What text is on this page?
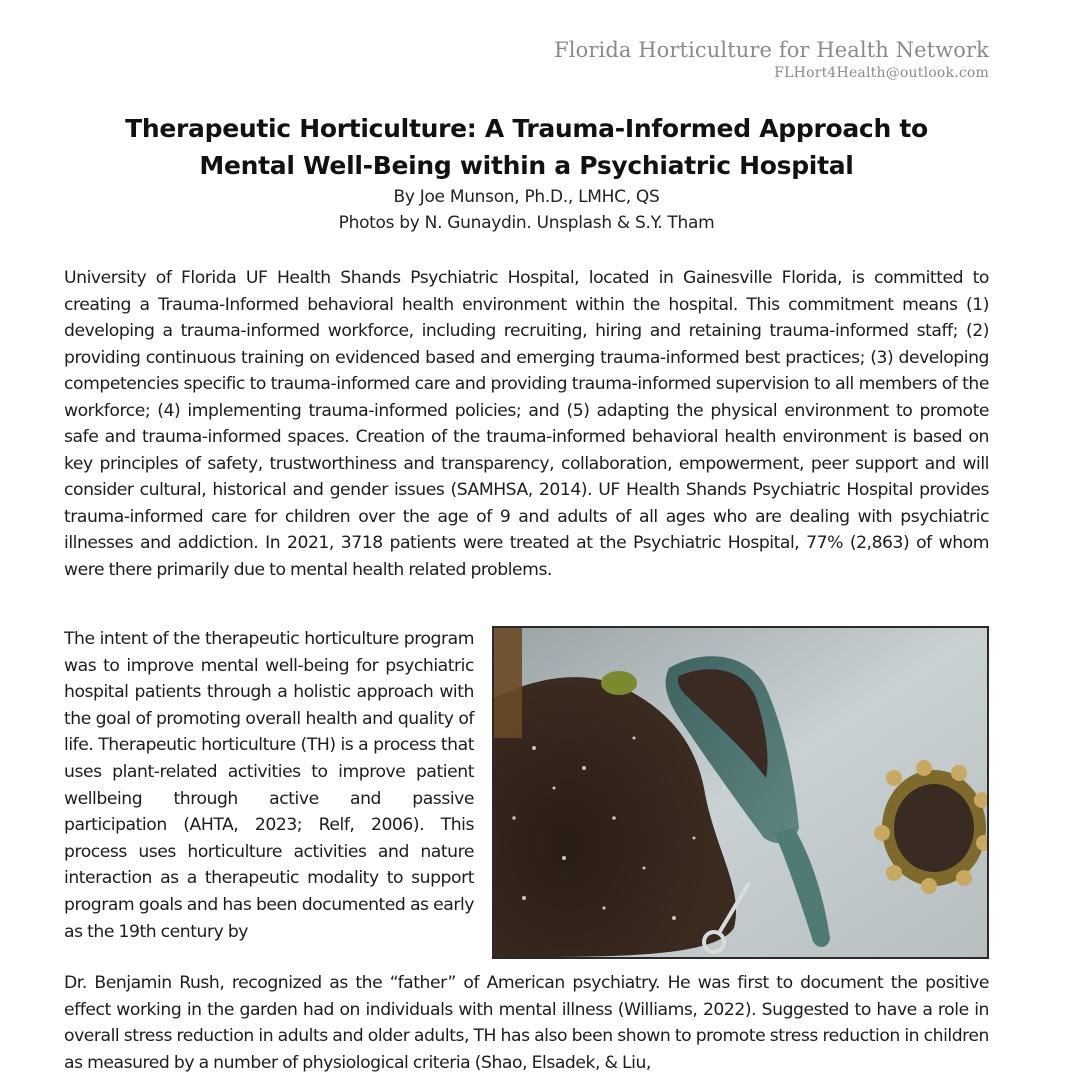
Florida Horticulture for Health Network
FLHort4Health@outlook.com
Therapeutic Horticulture: A Trauma-Informed Approach to
Mental Well-Being within a Psychiatric Hospital
By Joe Munson, Ph.D., LMHC, QS
Photos by N. Gunaydin. Unsplash & S.Y. Tham

University of Florida UF Health Shands Psychiatric Hospital, located in Gainesville Florida, is committed to creating a Trauma-Informed behavioral health environment within the hospital. This commitment means (1) developing a trauma-informed workforce, including recruiting, hiring and retaining trauma-informed staff; (2) providing continuous training on evidenced based and emerging trauma-informed best practices; (3) developing competencies specific to trauma-informed care and providing trauma-informed supervision to all members of the workforce; (4) implementing trauma-informed policies; and (5) adapting the physical environment to promote safe and trauma-informed spaces. Creation of the trauma-informed behavioral health environment is based on key principles of safety, trustworthiness and transparency, collaboration, empowerment, peer support and will consider cultural, historical and gender issues (SAMHSA, 2014). UF Health Shands Psychiatric Hospital provides trauma-informed care for children over the age of 9 and adults of all ages who are dealing with psychiatric illnesses and addiction. In 2021, 3718 patients were treated at the Psychiatric Hospital, 77% (2,863) of whom were there primarily due to mental health related problems.

The intent of the therapeutic horticulture program was to improve mental well-being for psychiatric hospital patients through a holistic approach with the goal of promoting overall health and quality of life. Therapeutic horticulture (TH) is a process that uses plant-related activities to improve patient wellbeing through active and passive participation (AHTA, 2023; Relf, 2006). This process uses horticulture activities and nature interaction as a therapeutic modality to support program goals and has been documented as early as the 19th century by

Dr. Benjamin Rush, recognized as the “father” of American psychiatry. He was first to document the positive effect working in the garden had on individuals with mental illness (Williams, 2022). Suggested to have a role in overall stress reduction in adults and older adults, TH has also been shown to promote stress reduction in children as measured by a number of physiological criteria (Shao, Elsadek, & Liu,
